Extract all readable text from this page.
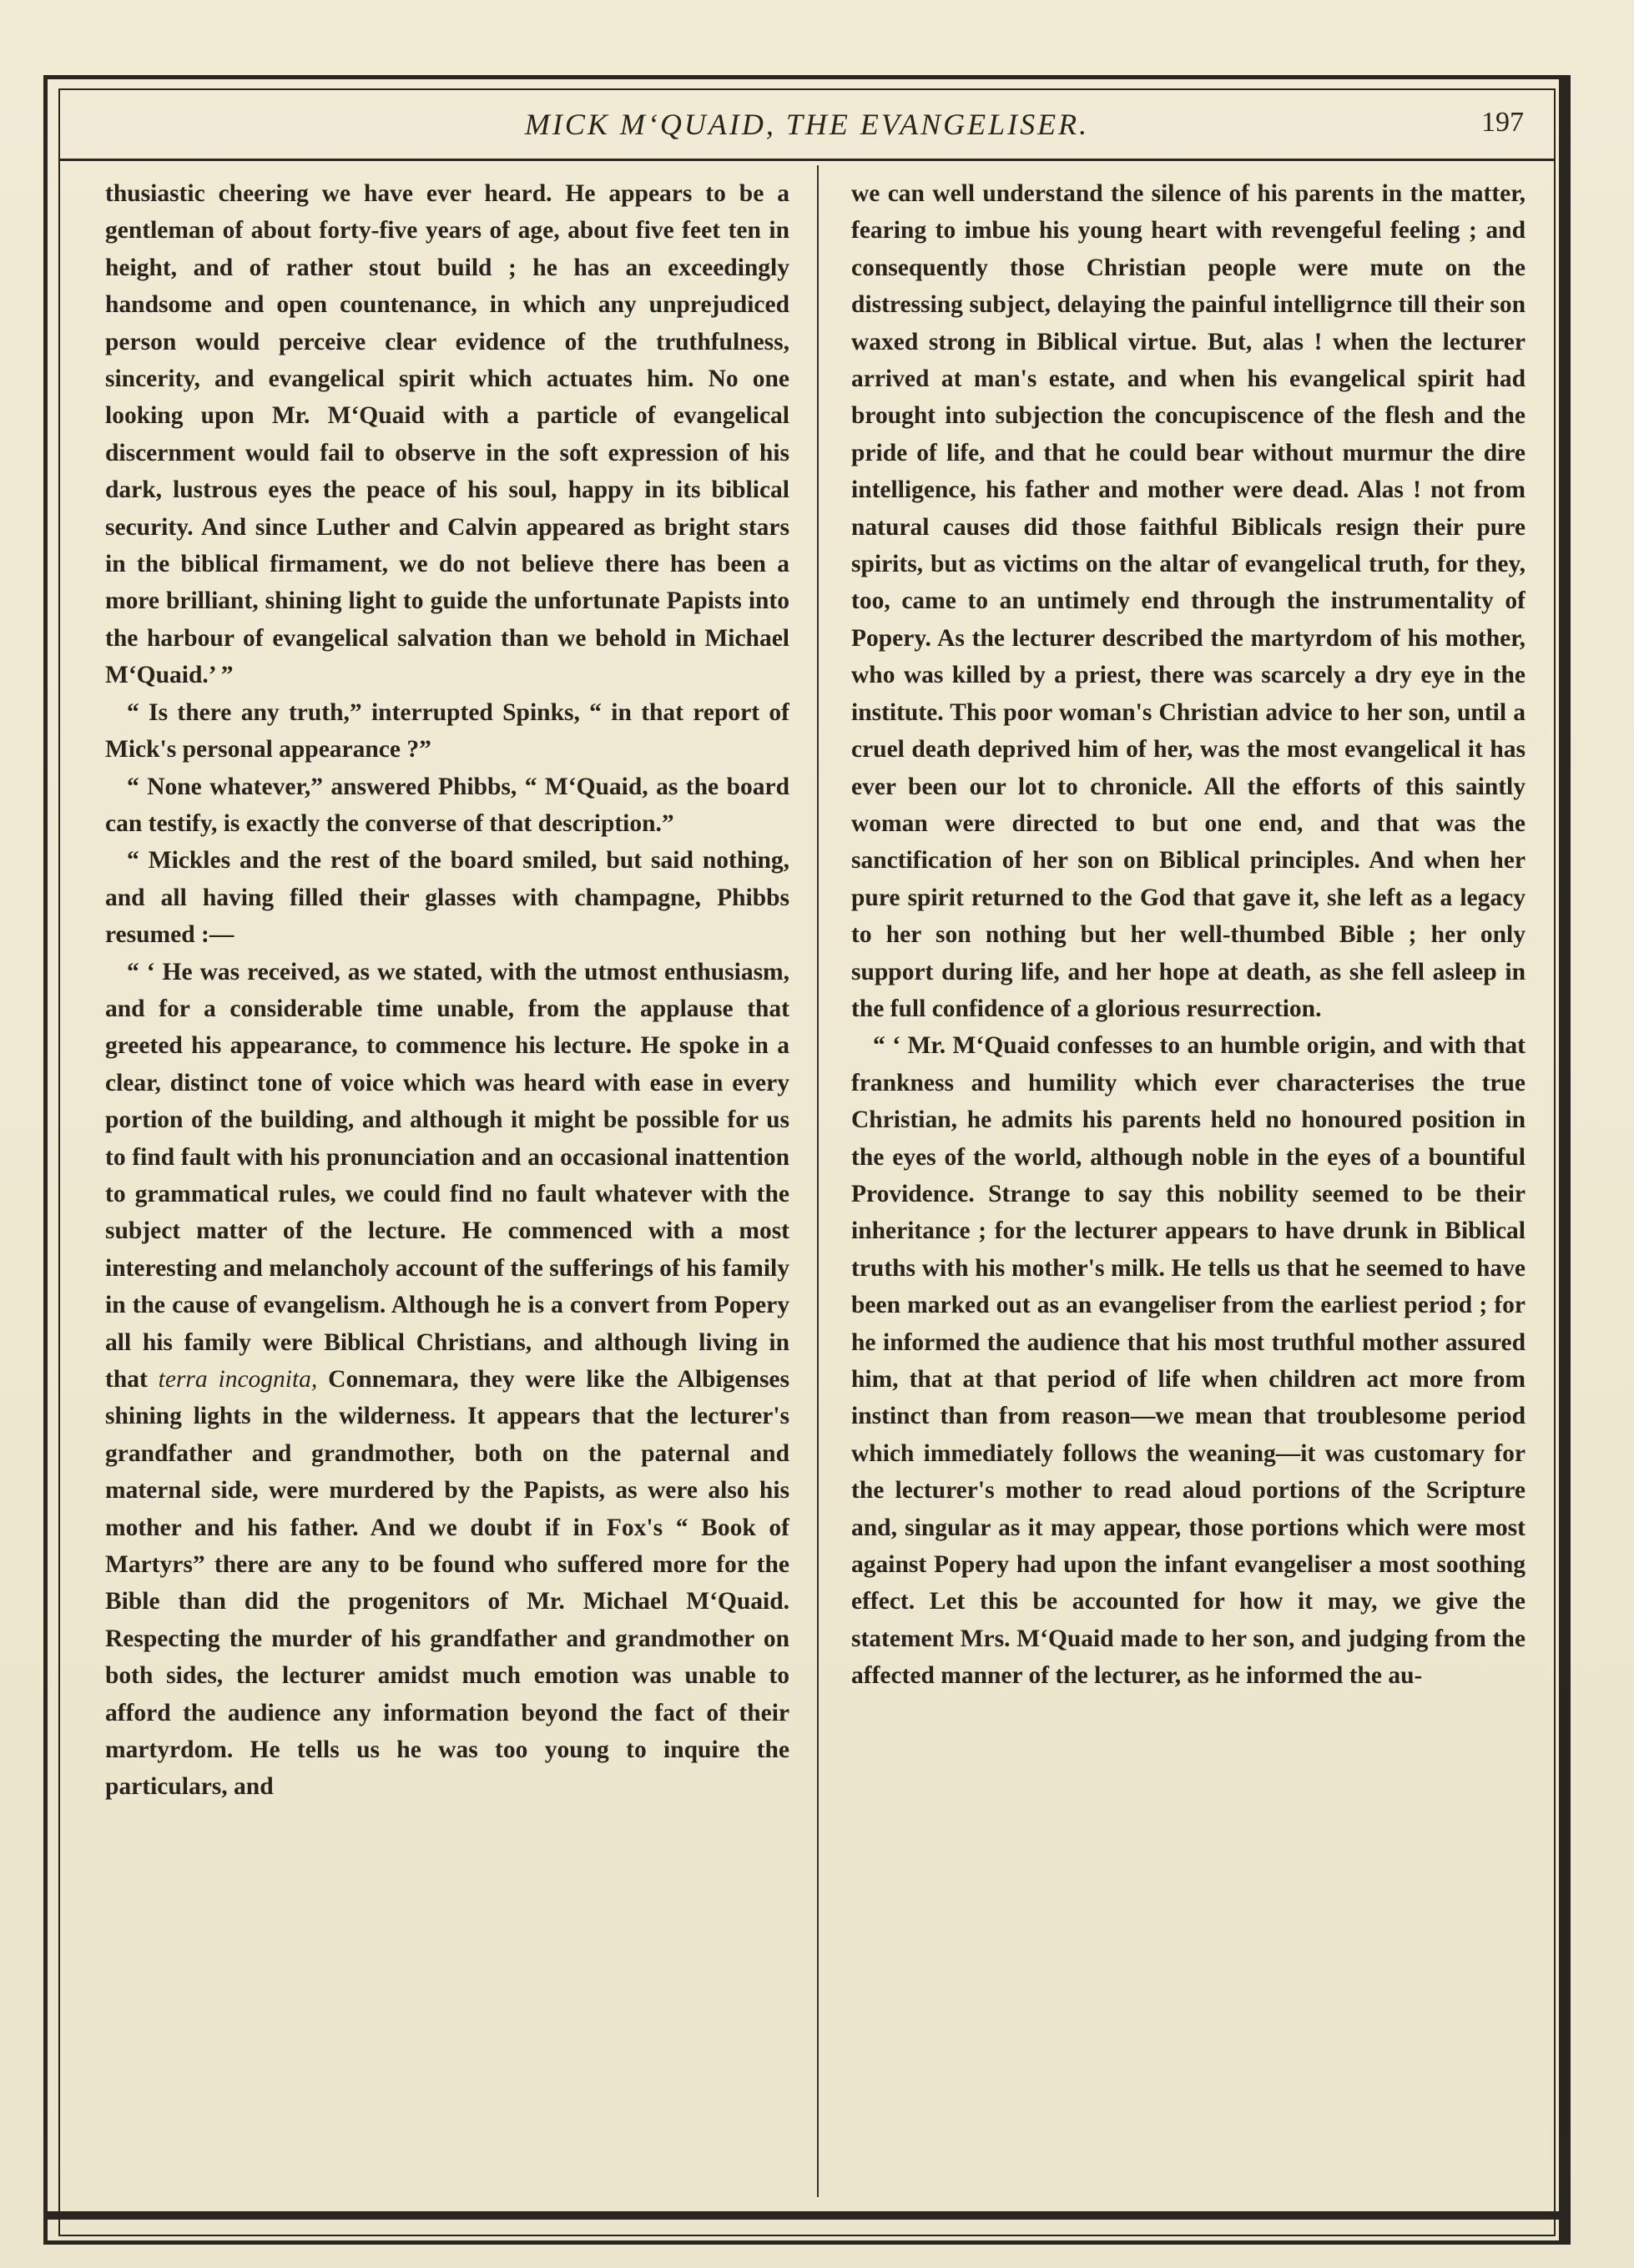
MICK M‘QUAID, THE EVANGELISER.	197

thusiastic cheering we have ever heard. He appears to be a gentleman of about forty-five years of age, about five feet ten in height, and of rather stout build ; he has an exceedingly handsome and open countenance, in which any unprejudiced person would perceive clear evidence of the truthfulness, sincerity, and evangelical spirit which actuates him. No one looking upon Mr. M‘Quaid with a particle of evangelical discernment would fail to observe in the soft expression of his dark, lustrous eyes the peace of his soul, happy in its biblical security. And since Luther and Calvin appeared as bright stars in the biblical firmament, we do not believe there has been a more brilliant, shining light to guide the unfortunate Papists into the harbour of evangelical salvation than we behold in Michael M‘Quaid.’ ”

“ Is there any truth,” interrupted Spinks, “ in that report of Mick's personal appearance ?”

“ None whatever,” answered Phibbs, “ M‘Quaid, as the board can testify, is exactly the converse of that description.”

“ Mickles and the rest of the board smiled, but said nothing, and all having filled their glasses with champagne, Phibbs resumed :—

“ ‘ He was received, as we stated, with the utmost enthusiasm, and for a considerable time unable, from the applause that greeted his appearance, to commence his lecture. He spoke in a clear, distinct tone of voice which was heard with ease in every portion of the building, and although it might be possible for us to find fault with his pronunciation and an occasional inattention to grammatical rules, we could find no fault whatever with the subject matter of the lecture. He commenced with a most interesting and melancholy account of the sufferings of his family in the cause of evangelism. Although he is a convert from Popery all his family were Biblical Christians, and although living in that terra incognita, Connemara, they were like the Albigenses shining lights in the wilderness. It appears that the lecturer's grandfather and grandmother, both on the paternal and maternal side, were murdered by the Papists, as were also his mother and his father. And we doubt if in Fox's “ Book of Martyrs” there are any to be found who suffered more for the Bible than did the progenitors of Mr. Michael M‘Quaid. Respecting the murder of his grandfather and grandmother on both sides, the lecturer amidst much emotion was unable to afford the audience any information beyond the fact of their martyrdom. He tells us he was too young to inquire the particulars, and

we can well understand the silence of his parents in the matter, fearing to imbue his young heart with revengeful feeling ; and consequently those Christian people were mute on the distressing subject, delaying the painful intelligrnce till their son waxed strong in Biblical virtue. But, alas ! when the lecturer arrived at man's estate, and when his evangelical spirit had brought into subjection the concupiscence of the flesh and the pride of life, and that he could bear without murmur the dire intelligence, his father and mother were dead. Alas ! not from natural causes did those faithful Biblicals resign their pure spirits, but as victims on the altar of evangelical truth, for they, too, came to an untimely end through the instrumentality of Popery. As the lecturer described the martyrdom of his mother, who was killed by a priest, there was scarcely a dry eye in the institute. This poor woman's Christian advice to her son, until a cruel death deprived him of her, was the most evangelical it has ever been our lot to chronicle. All the efforts of this saintly woman were directed to but one end, and that was the sanctification of her son on Biblical principles. And when her pure spirit returned to the God that gave it, she left as a legacy to her son nothing but her well-thumbed Bible ; her only support during life, and her hope at death, as she fell asleep in the full confidence of a glorious resurrection.

“ ‘ Mr. M‘Quaid confesses to an humble origin, and with that frankness and humility which ever characterises the true Christian, he admits his parents held no honoured position in the eyes of the world, although noble in the eyes of a bountiful Providence. Strange to say this nobility seemed to be their inheritance ; for the lecturer appears to have drunk in Biblical truths with his mother's milk. He tells us that he seemed to have been marked out as an evangeliser from the earliest period ; for he informed the audience that his most truthful mother assured him, that at that period of life when children act more from instinct than from reason—we mean that troublesome period which immediately follows the weaning—it was customary for the lecturer's mother to read aloud portions of the Scripture and, singular as it may appear, those portions which were most against Popery had upon the infant evangeliser a most soothing effect. Let this be accounted for how it may, we give the statement Mrs. M‘Quaid made to her son, and judging from the affected manner of the lecturer, as he informed the au-
